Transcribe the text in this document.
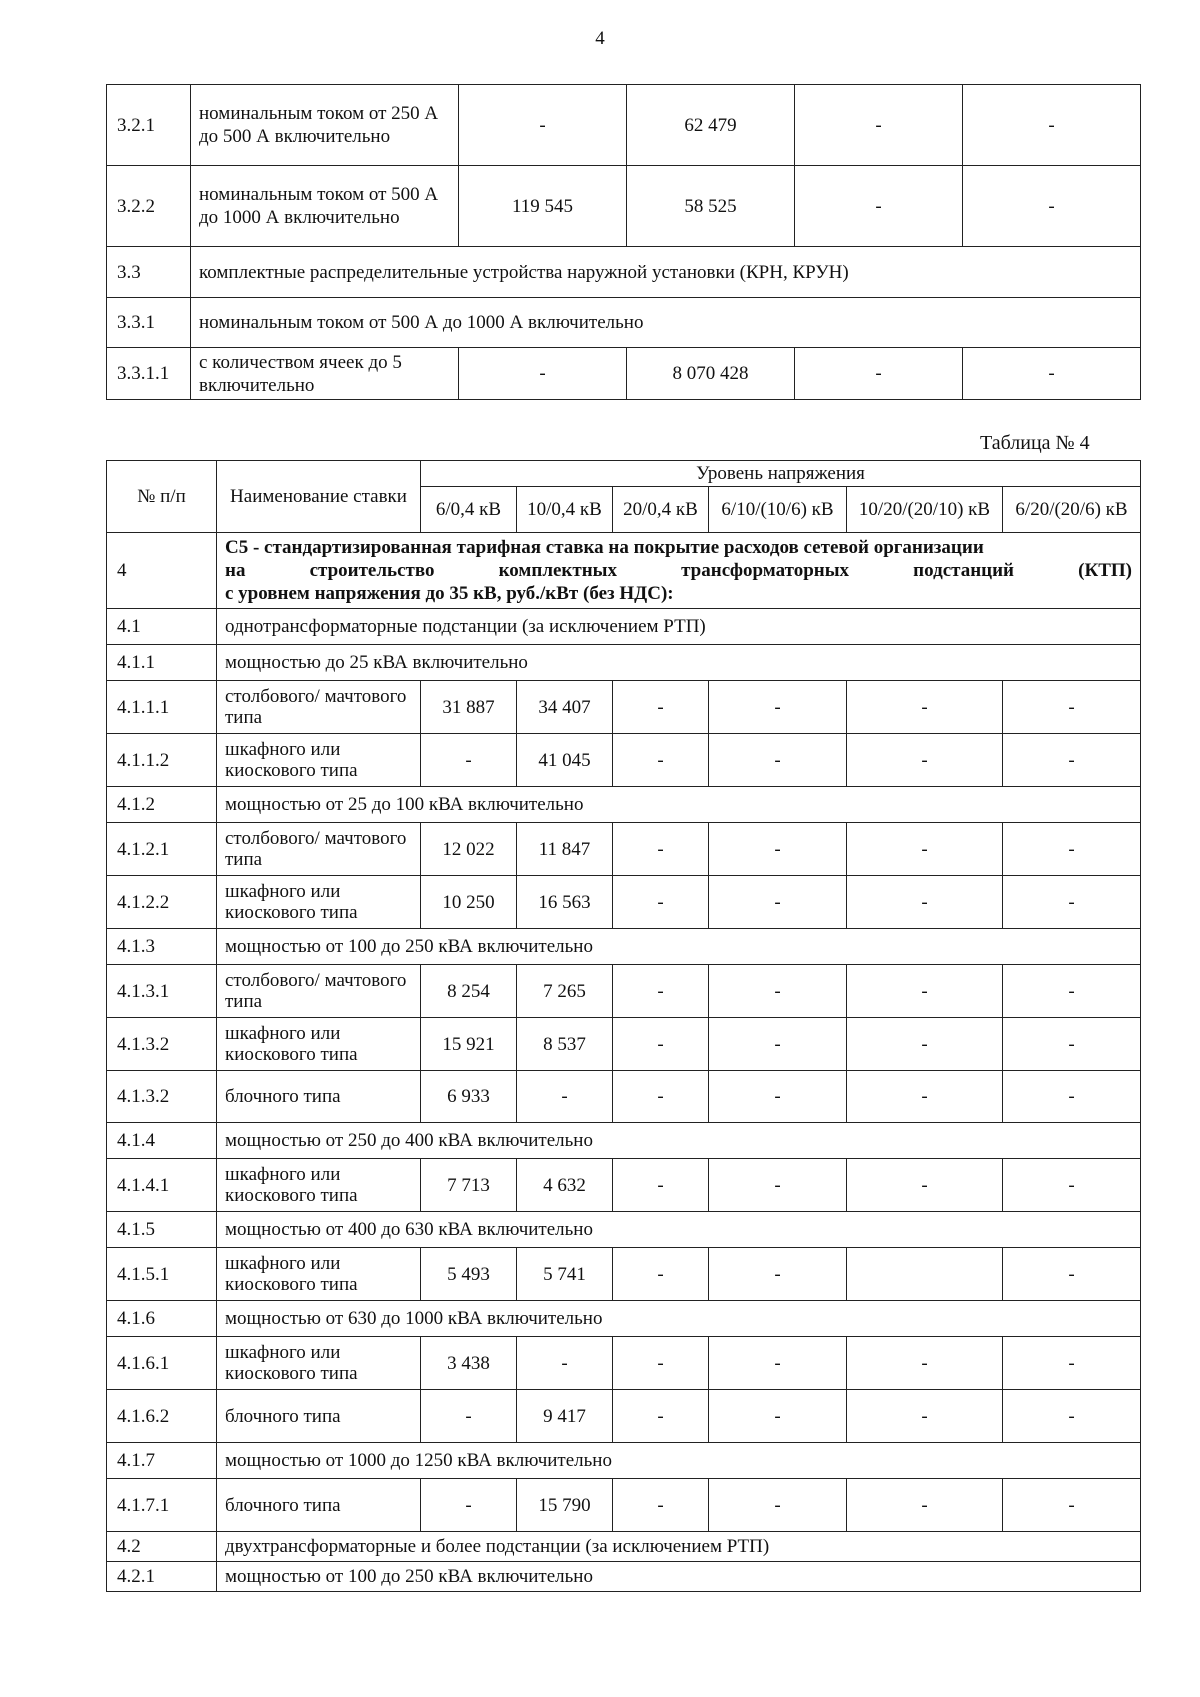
4
3.2.1	номинальным током от 250 А до 500 А включительно	-	62 479	-	-
3.2.2	номинальным током от 500 А до 1000 А включительно	119 545	58 525	-	-
3.3	комплектные распределительные устройства наружной установки (КРН, КРУН)				
3.3.1	номинальным током от 500 А до 1000 А включительно				
3.3.1.1	с количеством ячеек до 5 включительно	-	8 070 428	-	-
Таблица № 4
№ п/п	Наименование ставки	Уровень напряжения					
		6/0,4 кВ	10/0,4 кВ	20/0,4 кВ	6/10/(10/6) кВ	10/20/(20/10) кВ	6/20/(20/6) кВ
4	С5 - стандартизированная тарифная ставка на покрытие расходов сетевой организации
на строительство комплектных трансформаторных подстанций (КТП)
с уровнем напряжения до 35 кВ, руб./кВт (без НДС):						

4.1	однотрансформаторные подстанции (за исключением РТП)						
4.1.1	мощностью до 25 кВА включительно						
4.1.1.1	столбового/ мачтового типа	31 887	34 407	-	-	-	-
4.1.1.2	шкафного или киоскового типа	-	41 045	-	-	-	-
4.1.2	мощностью от 25 до 100 кВА включительно						
4.1.2.1	столбового/ мачтового типа	12 022	11 847	-	-	-	-
4.1.2.2	шкафного или киоскового типа	10 250	16 563	-	-	-	-
4.1.3	мощностью от 100 до 250 кВА включительно						
4.1.3.1	столбового/ мачтового типа	8 254	7 265	-	-	-	-
4.1.3.2	шкафного или киоскового типа	15 921	8 537	-	-	-	-
4.1.3.2	блочного типа	6 933	-	-	-	-	-
4.1.4	мощностью от 250 до 400 кВА включительно						
4.1.4.1	шкафного или киоскового типа	7 713	4 632	-	-	-	-
4.1.5	мощностью от 400 до 630 кВА включительно						
4.1.5.1	шкафного или киоскового типа	5 493	5 741	-	-		-
4.1.6	мощностью от 630 до 1000 кВА включительно						
4.1.6.1	шкафного или киоскового типа	3 438	-	-	-	-	-
4.1.6.2	блочного типа	-	9 417	-	-	-	-
4.1.7	мощностью от 1000 до 1250 кВА включительно						
4.1.7.1	блочного типа	-	15 790	-	-	-	-
4.2	двухтрансформаторные и более подстанции (за исключением РТП)						
4.2.1	мощностью от 100 до 250 кВА включительно						
